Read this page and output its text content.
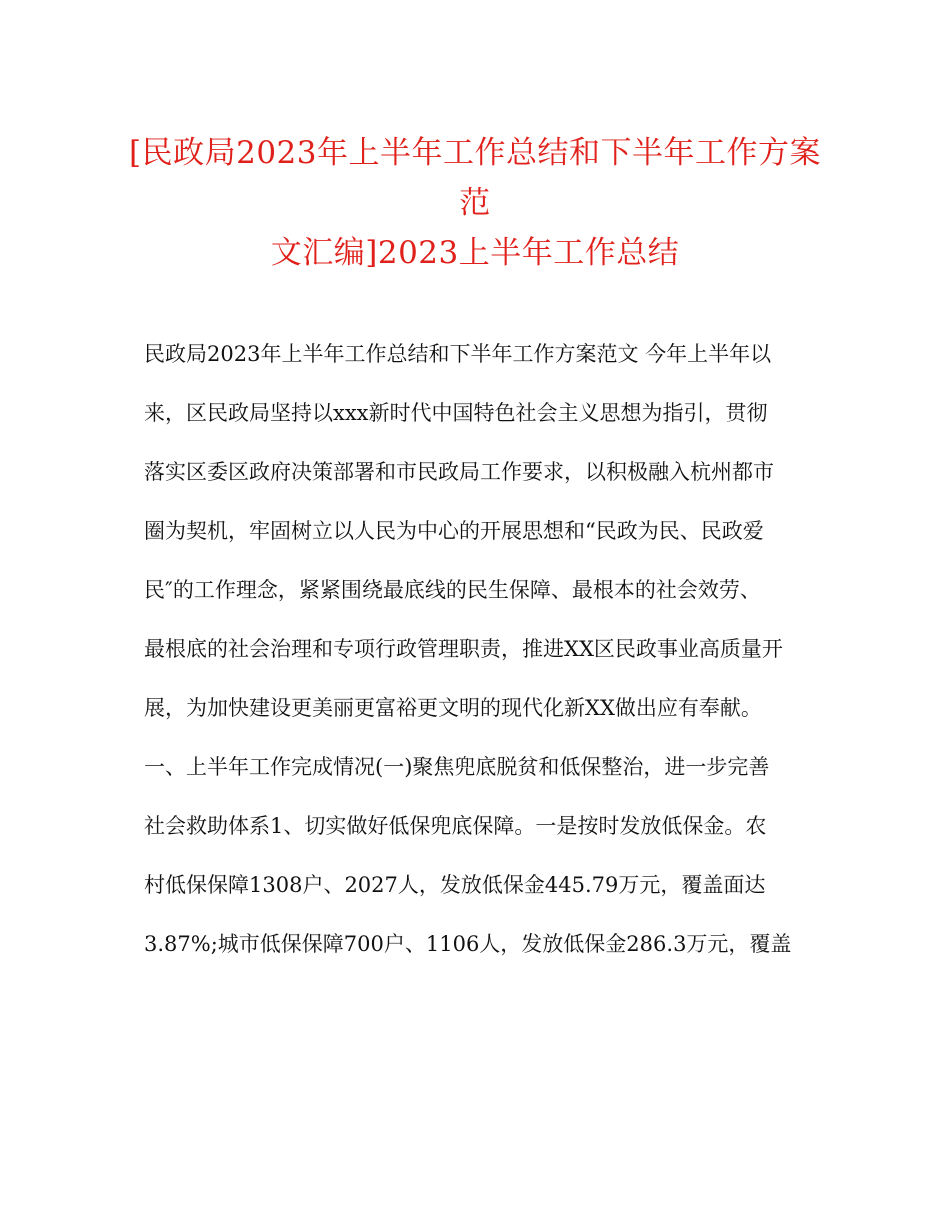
[民政局2023年上半年工作总结和下半年工作方案范
文汇编]2023上半年工作总结
民政局2023年上半年工作总结和下半年工作方案范文 今年上半年以
来，区民政局坚持以xxx新时代中国特色社会主义思想为指引，贯彻
落实区委区政府决策部署和市民政局工作要求，以积极融入杭州都市
圈为契机，牢固树立以人民为中心的开展思想和“民政为民、民政爱
民″的工作理念，紧紧围绕最底线的民生保障、最根本的社会效劳、
最根底的社会治理和专项行政管理职责，推进XX区民政事业高质量开
展，为加快建设更美丽更富裕更文明的现代化新XX做出应有奉献。
一、上半年工作完成情况(一)聚焦兜底脱贫和低保整治，进一步完善
社会救助体系1、切实做好低保兜底保障。一是按时发放低保金。农
村低保保障1308户、2027人，发放低保金445.79万元，覆盖面达
3.87%;城市低保保障700户、1106人，发放低保金286.3万元，覆盖
